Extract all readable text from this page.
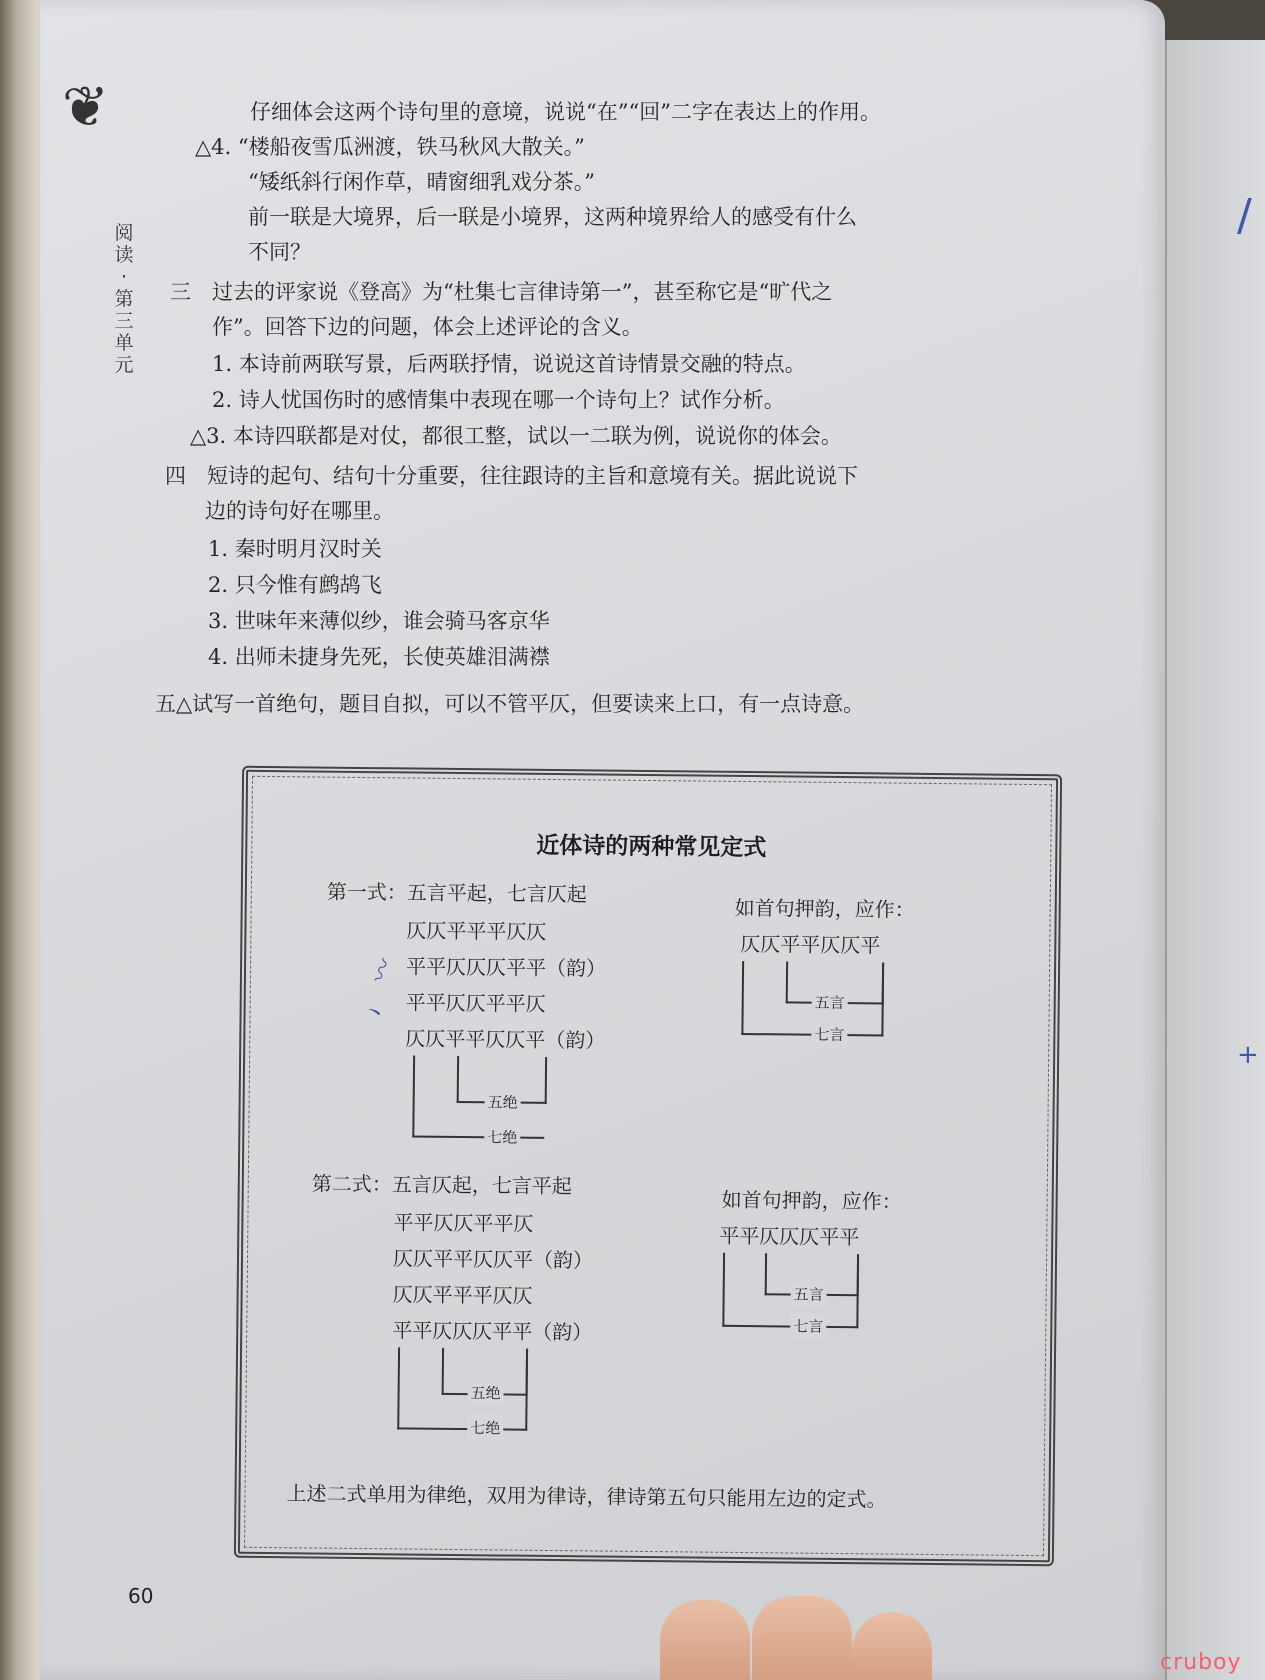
/
+
❦
阅读·第三单元
仔细体会这两个诗句里的意境，说说“在”“回”二字在表达上的作用。
△4. “楼船夜雪瓜洲渡，铁马秋风大散关。”
“矮纸斜行闲作草，晴窗细乳戏分茶。”
前一联是大境界，后一联是小境界，这两种境界给人的感受有什么
不同？
三　过去的评家说《登高》为“杜集七言律诗第一”，甚至称它是“旷代之
作”。回答下边的问题，体会上述评论的含义。
1. 本诗前两联写景，后两联抒情，说说这首诗情景交融的特点。
2. 诗人忧国伤时的感情集中表现在哪一个诗句上？试作分析。
△3. 本诗四联都是对仗，都很工整，试以一二联为例，说说你的体会。
四　短诗的起句、结句十分重要，往往跟诗的主旨和意境有关。据此说说下
边的诗句好在哪里。
1. 秦时明月汉时关
2. 只今惟有鹧鸪飞
3. 世味年来薄似纱，谁会骑马客京华
4. 出师未捷身先死，长使英雄泪满襟
五△试写一首绝句，题目自拟，可以不管平仄，但要读来上口，有一点诗意。
近体诗的两种常见定式
第一式：五言平起，七言仄起
仄仄平平平仄仄
平平仄仄仄平平（韵）
平平仄仄平平仄
仄仄平平仄仄平（韵）
五绝
七绝
如首句押韵，应作：
仄仄平平仄仄平
五言
七言
第二式：五言仄起，七言平起
平平仄仄平平仄
仄仄平平仄仄平（韵）
仄仄平平平仄仄
平平仄仄仄平平（韵）
五绝
七绝
如首句押韵，应作：
平平仄仄仄平平
五言
七言
上述二式单用为律绝，双用为律诗，律诗第五句只能用左边的定式。
〰
丶
60
cruboy
